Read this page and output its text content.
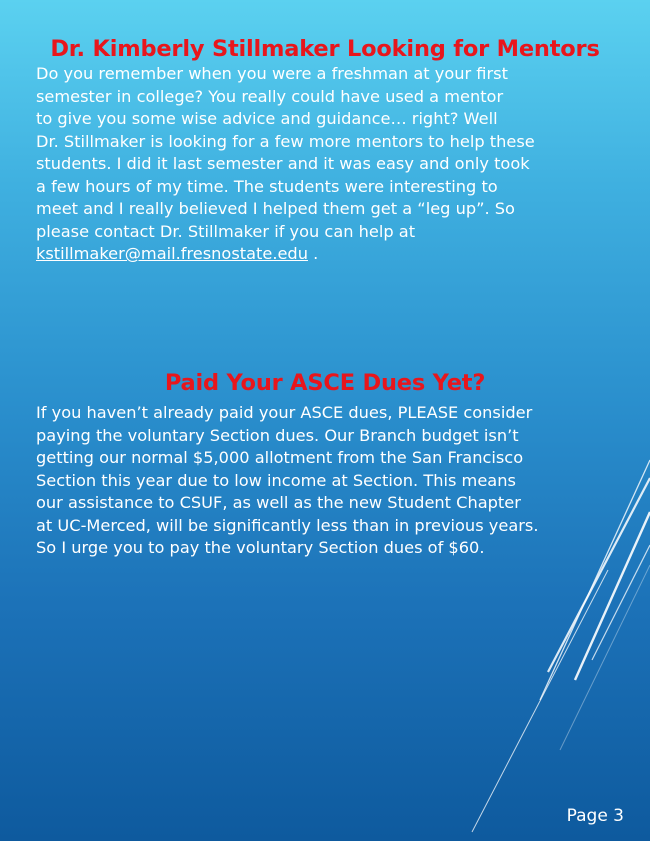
Dr. Kimberly Stillmaker Looking for Mentors

Do you remember when you were a freshman at your first
semester in college? You really could have used a mentor
to give you some wise advice and guidance… right? Well
Dr. Stillmaker is looking for a few more mentors to help these
students. I did it last semester and it was easy and only took
a few hours of my time. The students were interesting to
meet and I really believed I helped them get a “leg up”. So
please contact Dr. Stillmaker if you can help at
kstillmaker@mail.fresnostate.edu .

Paid Your ASCE Dues Yet?

If you haven’t already paid your ASCE dues, PLEASE consider
paying the voluntary Section dues. Our Branch budget isn’t
getting our normal $5,000 allotment from the San Francisco
Section this year due to low income at Section. This means
our assistance to CSUF, as well as the new Student Chapter
at UC-Merced, will be significantly less than in previous years.
So I urge you to pay the voluntary Section dues of $60.

Page 3
